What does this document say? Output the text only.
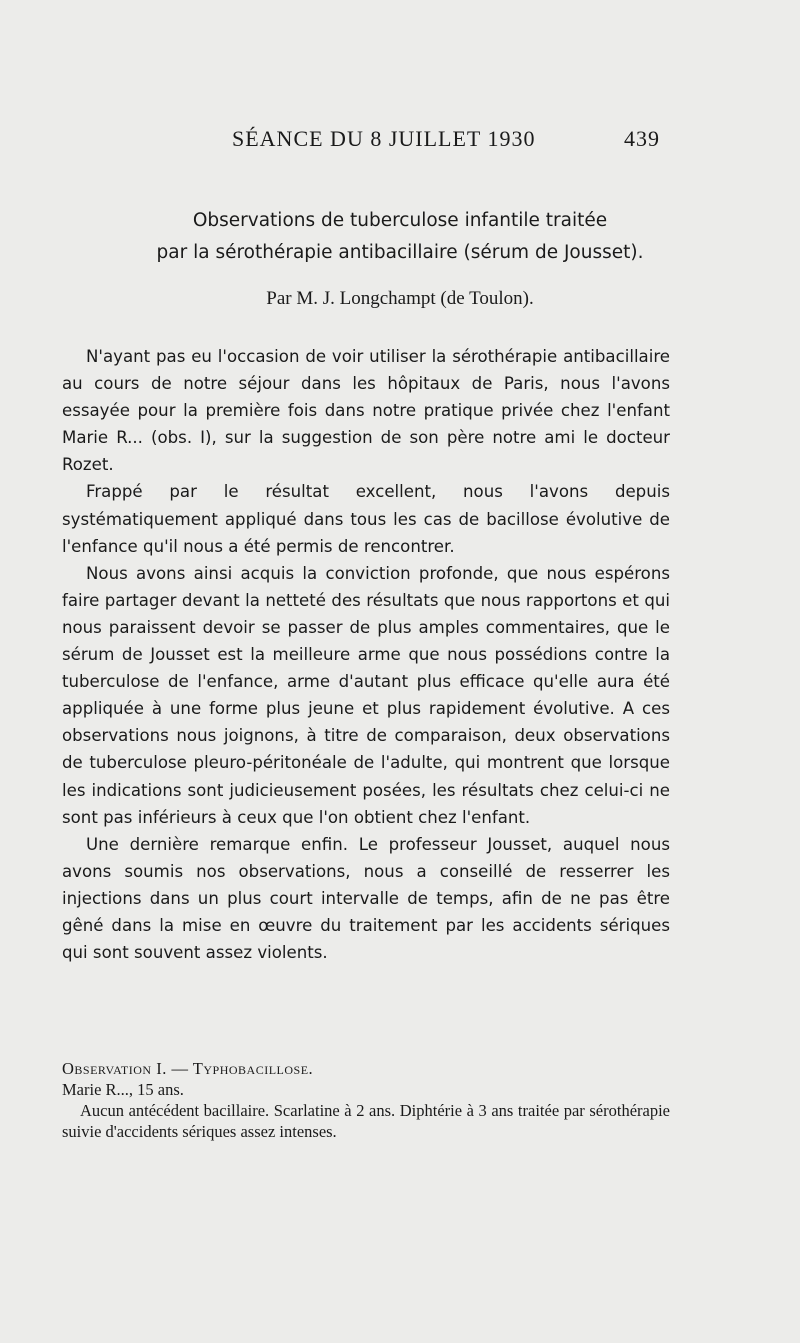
SÉANCE DU 8 JUILLET 1930	439
Observations de tuberculose infantile traitée
par la sérothérapie antibacillaire (sérum de Jousset).
Par M. J. Longchampt (de Toulon).

N'ayant pas eu l'occasion de voir utiliser la sérothérapie antibacillaire au cours de notre séjour dans les hôpitaux de Paris, nous l'avons essayée pour la première fois dans notre pratique privée chez l'enfant Marie R... (obs. I), sur la suggestion de son père notre ami le docteur Rozet.

Frappé par le résultat excellent, nous l'avons depuis systématiquement appliqué dans tous les cas de bacillose évolutive de l'enfance qu'il nous a été permis de rencontrer.

Nous avons ainsi acquis la conviction profonde, que nous espérons faire partager devant la netteté des résultats que nous rapportons et qui nous paraissent devoir se passer de plus amples commentaires, que le sérum de Jousset est la meilleure arme que nous possédions contre la tuberculose de l'enfance, arme d'autant plus efficace qu'elle aura été appliquée à une forme plus jeune et plus rapidement évolutive. A ces observations nous joignons, à titre de comparaison, deux observations de tuberculose pleuro-péritonéale de l'adulte, qui montrent que lorsque les indications sont judicieusement posées, les résultats chez celui-ci ne sont pas inférieurs à ceux que l'on obtient chez l'enfant.

Une dernière remarque enfin. Le professeur Jousset, auquel nous avons soumis nos observations, nous a conseillé de resserrer les injections dans un plus court intervalle de temps, afin de ne pas être gêné dans la mise en œuvre du traitement par les accidents sériques qui sont souvent assez violents.

Observation I. — Typhobacillose.

Marie R..., 15 ans.

Aucun antécédent bacillaire. Scarlatine à 2 ans. Diphtérie à 3 ans traitée par sérothérapie suivie d'accidents sériques assez intenses.
